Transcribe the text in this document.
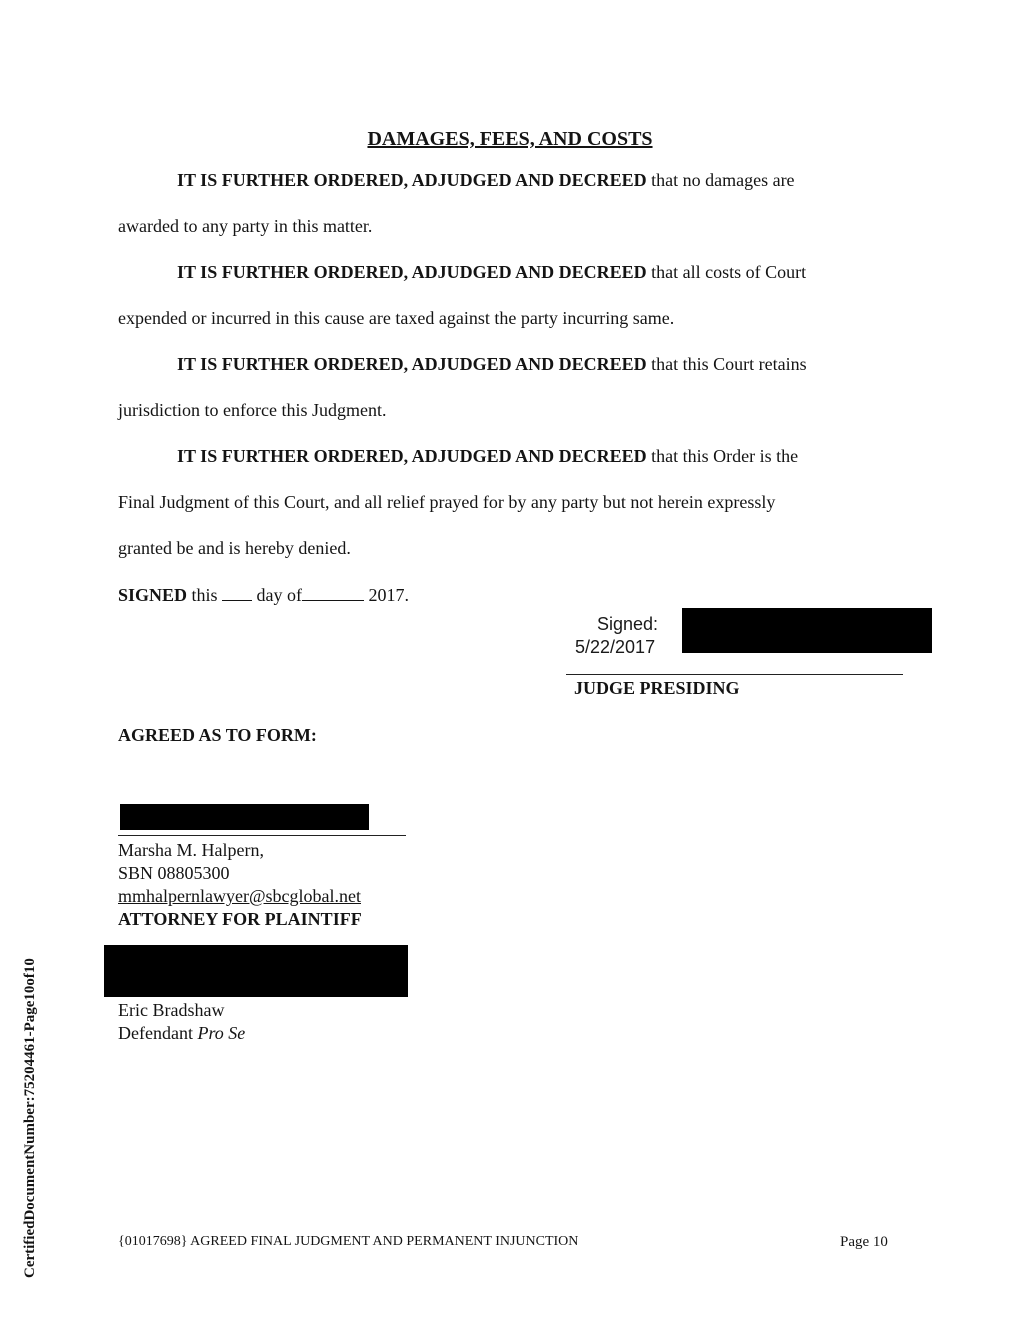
DAMAGES, FEES, AND COSTS
IT IS FURTHER ORDERED, ADJUDGED AND DECREED that no damages are
awarded to any party in this matter.
IT IS FURTHER ORDERED, ADJUDGED AND DECREED that all costs of Court
expended or incurred in this cause are taxed against the party incurring same.
IT IS FURTHER ORDERED, ADJUDGED AND DECREED that this Court retains
jurisdiction to enforce this Judgment.
IT IS FURTHER ORDERED, ADJUDGED AND DECREED that this Order is the
Final Judgment of this Court, and all relief prayed for by any party but not herein expressly
granted be and is hereby denied.
SIGNED this  day of	2017.
Signed:
5/22/2017
JUDGE PRESIDING
AGREED AS TO FORM:
Marsha M. Halpern,
SBN 08805300
mmhalpernlawyer@sbcglobal.net
ATTORNEY FOR PLAINTIFF
Eric Bradshaw
Defendant Pro Se
{01017698} AGREED FINAL JUDGMENT AND PERMANENT INJUNCTION	Page 10
CertifiedDocumentNumber:75204461-Page10of10
